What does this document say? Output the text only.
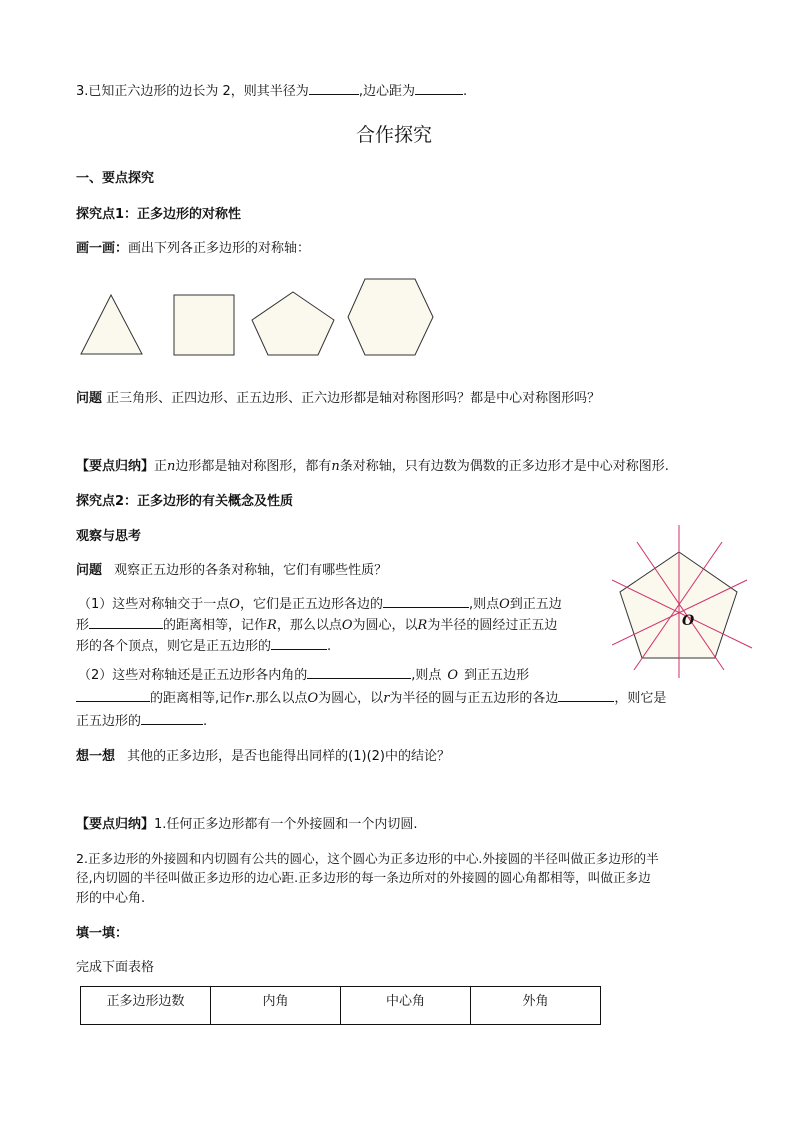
3.已知正六边形的边长为 2，则其半径为	,边心距为	.
合作探究
一、要点探究
探究点1：正多边形的对称性
画一画：画出下列各正多边形的对称轴：
问题 正三角形、正四边形、正五边形、正六边形都是轴对称图形吗？都是中心对称图形吗？
【要点归纳】正n边形都是轴对称图形，都有n条对称轴，只有边数为偶数的正多边形才是中心对称图形.
探究点2：正多边形的有关概念及性质
观察与思考
问题 观察正五边形的各条对称轴，它们有哪些性质？
（1）这些对称轴交于一点O，它们是正五边形各边的	,则点O到正五边
形	的距离相等，记作R，那么以点O为圆心，以R为半径的圆经过正五边
形的各个顶点，则它是正五边形的	.
（2）这些对称轴还是正五边形各内角的	,则点 O 到正五边形
的距离相等,记作r.那么以点O为圆心，以r为半径的圆与正五边形的各边	，则它是
正五边形的	.
O
想一想 其他的正多边形，是否也能得出同样的(1)(2)中的结论？
【要点归纳】1.任何正多边形都有一个外接圆和一个内切圆.
2.正多边形的外接圆和内切圆有公共的圆心，这个圆心为正多边形的中心.外接圆的半径叫做正多边形的半
径,内切圆的半径叫做正多边形的边心距.正多边形的每一条边所对的外接圆的圆心角都相等，叫做正多边
形的中心角.
填一填：
完成下面表格
正多边形边数	内角	中心角	外角
